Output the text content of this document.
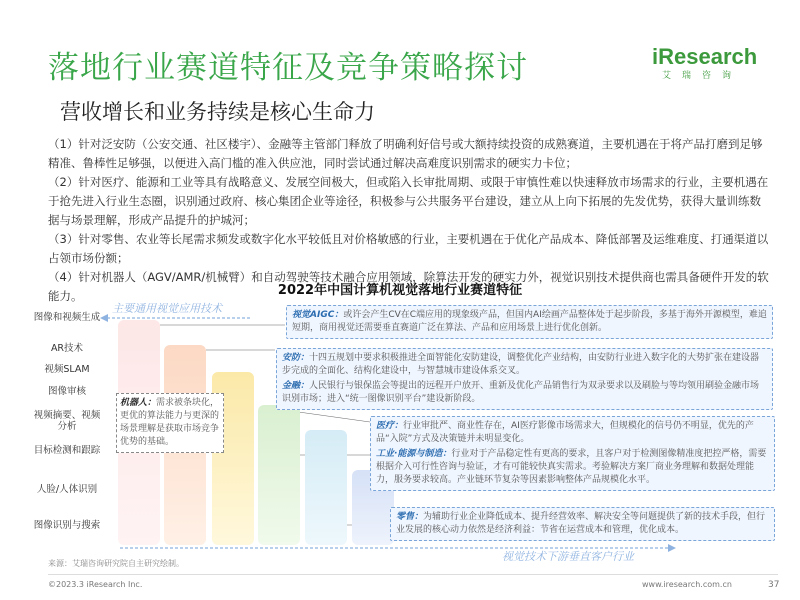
落地行业赛道特征及竞争策略探讨
营收增长和业务持续是核心生命力
iResearch
艾瑞咨询

（1）针对泛安防（公安交通、社区楼宇）、金融等主管部门释放了明确利好信号或大额持续投资的成熟赛道，主要机遇在于将产品打磨到足够精准、鲁棒性足够强，以便进入高门槛的准入供应池，同时尝试通过解决高难度识别需求的硬实力卡位；

（2）针对医疗、能源和工业等具有战略意义、发展空间极大，但或陷入长审批周期、或限于审慎性难以快速释放市场需求的行业，主要机遇在于抢先进入行业生态圈，识别通过政府、核心集团企业等途径，积极参与公共服务平台建设，建立从上向下拓展的先发优势，获得大量训练数据与场景理解，形成产品提升的护城河；

（3）针对零售、农业等长尾需求频发或数字化水平较低且对价格敏感的行业，主要机遇在于优化产品成本、降低部署及运维难度、打通渠道以占领市场份额；

（4）针对机器人（AGV/AMR/机械臂）和自动驾驶等技术融合应用领域，除算法开发的硬实力外，视觉识别技术提供商也需具备硬件开发的软能力。	2022年中国计算机视觉落地行业赛道特征
主要通用视觉应用技术
视觉技术下游垂直客户行业
图像和视频生成
AR技术
视频SLAM
图像审核
视频摘要、视频分析
目标检测和跟踪
人脸/人体识别
图像识别与搜索
机器人：需求被条块化，更优的算法能力与更深的场景理解是获取市场竞争优势的基础。
视觉AIGC：或许会产生CV在C端应用的现象级产品，但国内AI绘画产品整体处于起步阶段，多基于海外开源模型，难追短期，商用视觉还需要垂直赛道广泛在算法、产品和应用场景上进行优化创新。
安防：十四五规划中要求积极推进全面智能化安防建设，调整优化产业结构，由安防行业进入数字化的大势扩张在建设器步完成的全面化、结构化建设中，与智慧城市建设体系交叉。
金融：人民银行与银保监会等提出的远程开户放开、重新及优化产品销售行为双录要求以及刷脸与等均领用刷验金融市场识别市场；进入“统一图像识别平台”建设新阶段。
医疗：行业审批严、商业性存在，AI医疗影像市场需求大，但规模化的信号仍不明显，优先的产品“入院”方式及决策链并未明显变化。
工业·能源与制造：行业对于产品稳定性有更高的要求，且客户对于检测图像精准度把控严格，需要根据介入可行性咨询与验证，才有可能较快真实需求。考验解决方案厂商业务理解和数据处理能力，服务要求较高。产业链环节复杂等因素影响整体产品规模化水平。
零售：为辅助行业企业降低成本、提升经营效率、解决安全等问题提供了新的技术手段，但行业发展的核心动力依然是经济利益：节省在运营成本和管理，优化成本。
来源：艾瑞咨询研究院自主研究绘制。
©2023.3 iResearch Inc.	www.iresearch.com.cn	37
